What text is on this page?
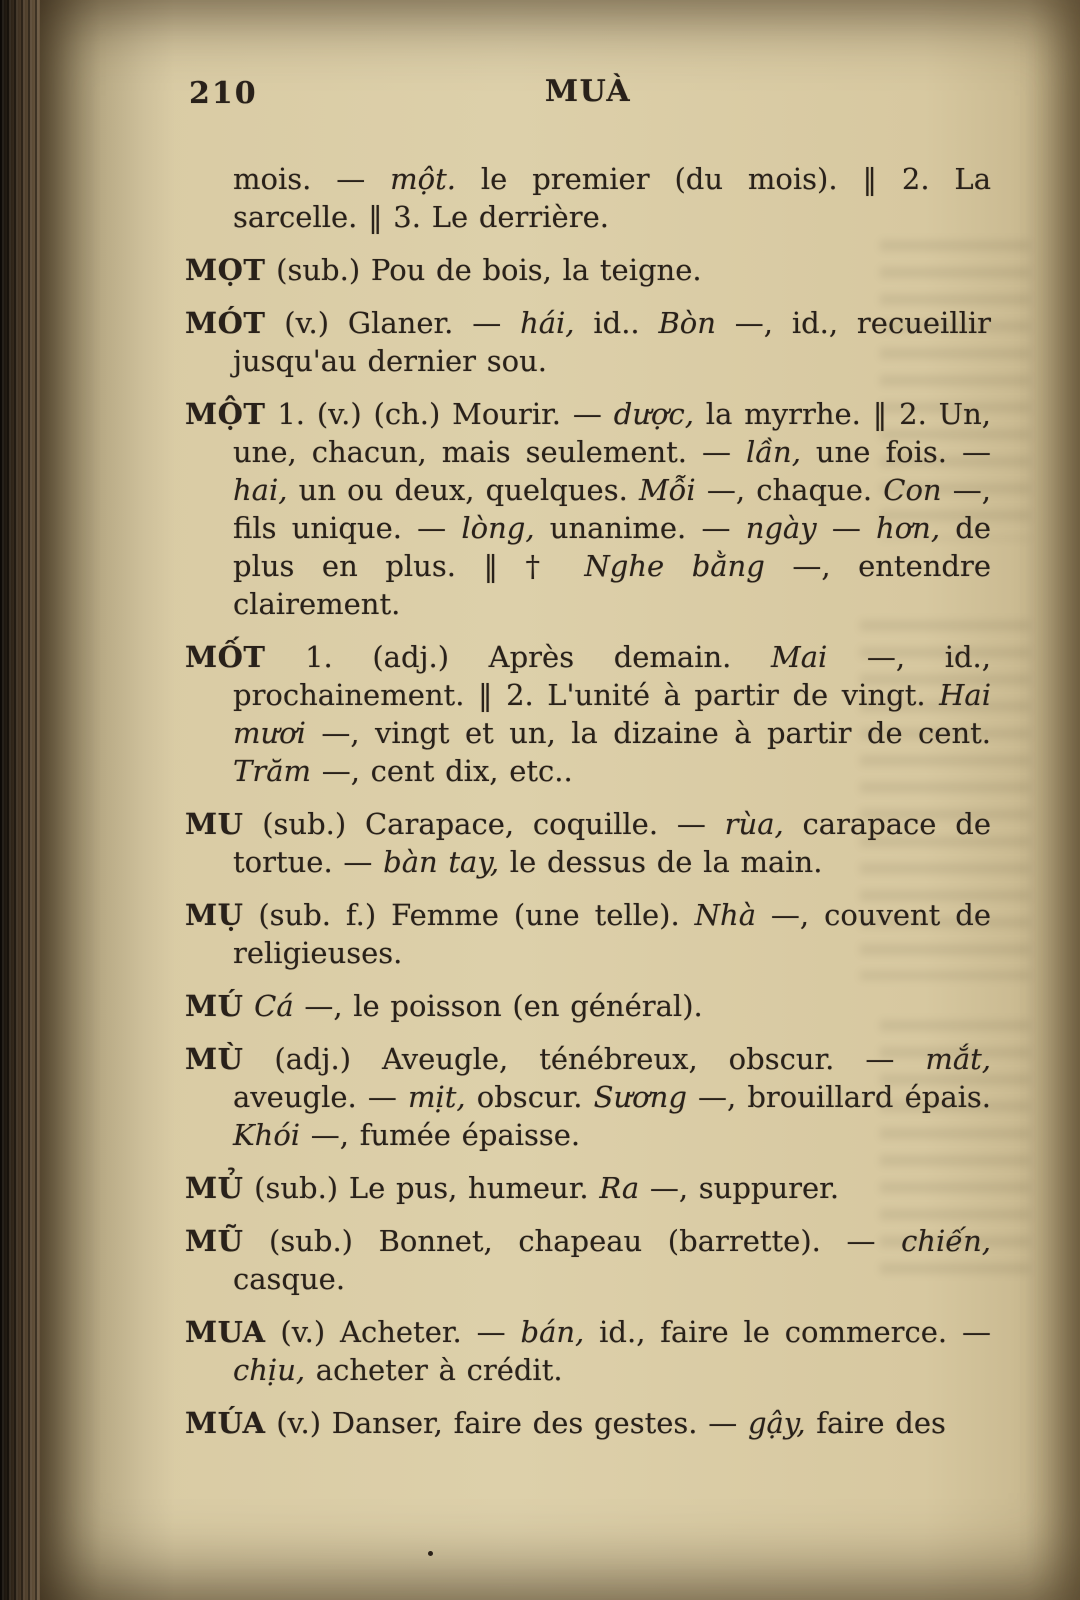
210	MUÀ

mois. — một. le premier (du mois). ‖ 2. La sarcelle. ‖ 3. Le derrière.

MỌT (sub.) Pou de bois, la teigne.

MÓT (v.) Glaner. — hái, id.. Bòn —, id., recueillir jusqu'au dernier sou.

MỘT 1. (v.) (ch.) Mourir. — dược, la myrrhe. ‖ 2. Un, une, chacun, mais seulement. — lần, une fois. — hai, un ou deux, quelques. Mỗi —, chaque. Con —, fils unique. — lòng, unanime. — ngày — hơn, de plus en plus. ‖ † Nghe bằng —, entendre clairement.

MỐT 1. (adj.) Après demain. Mai —, id., prochainement. ‖ 2. L'unité à partir de vingt. Hai mươi —, vingt et un, la dizaine à partir de cent. Trăm —, cent dix, etc..

MU (sub.) Carapace, coquille. — rùa, carapace de tortue. — bàn tay, le dessus de la main.

MỤ (sub. f.) Femme (une telle). Nhà —, couvent de religieuses.

MÚ Cá —, le poisson (en général).

MÙ (adj.) Aveugle, ténébreux, obscur. — mắt, aveugle. — mịt, obscur. Sương —, brouillard épais. Khói —, fumée épaisse.

MỦ (sub.) Le pus, humeur. Ra —, suppurer.

MŨ (sub.) Bonnet, chapeau (barrette). — chiến, casque.

MUA (v.) Acheter. — bán, id., faire le commerce. — chịu, acheter à crédit.

MÚA (v.) Danser, faire des gestes. — gậy, faire des
